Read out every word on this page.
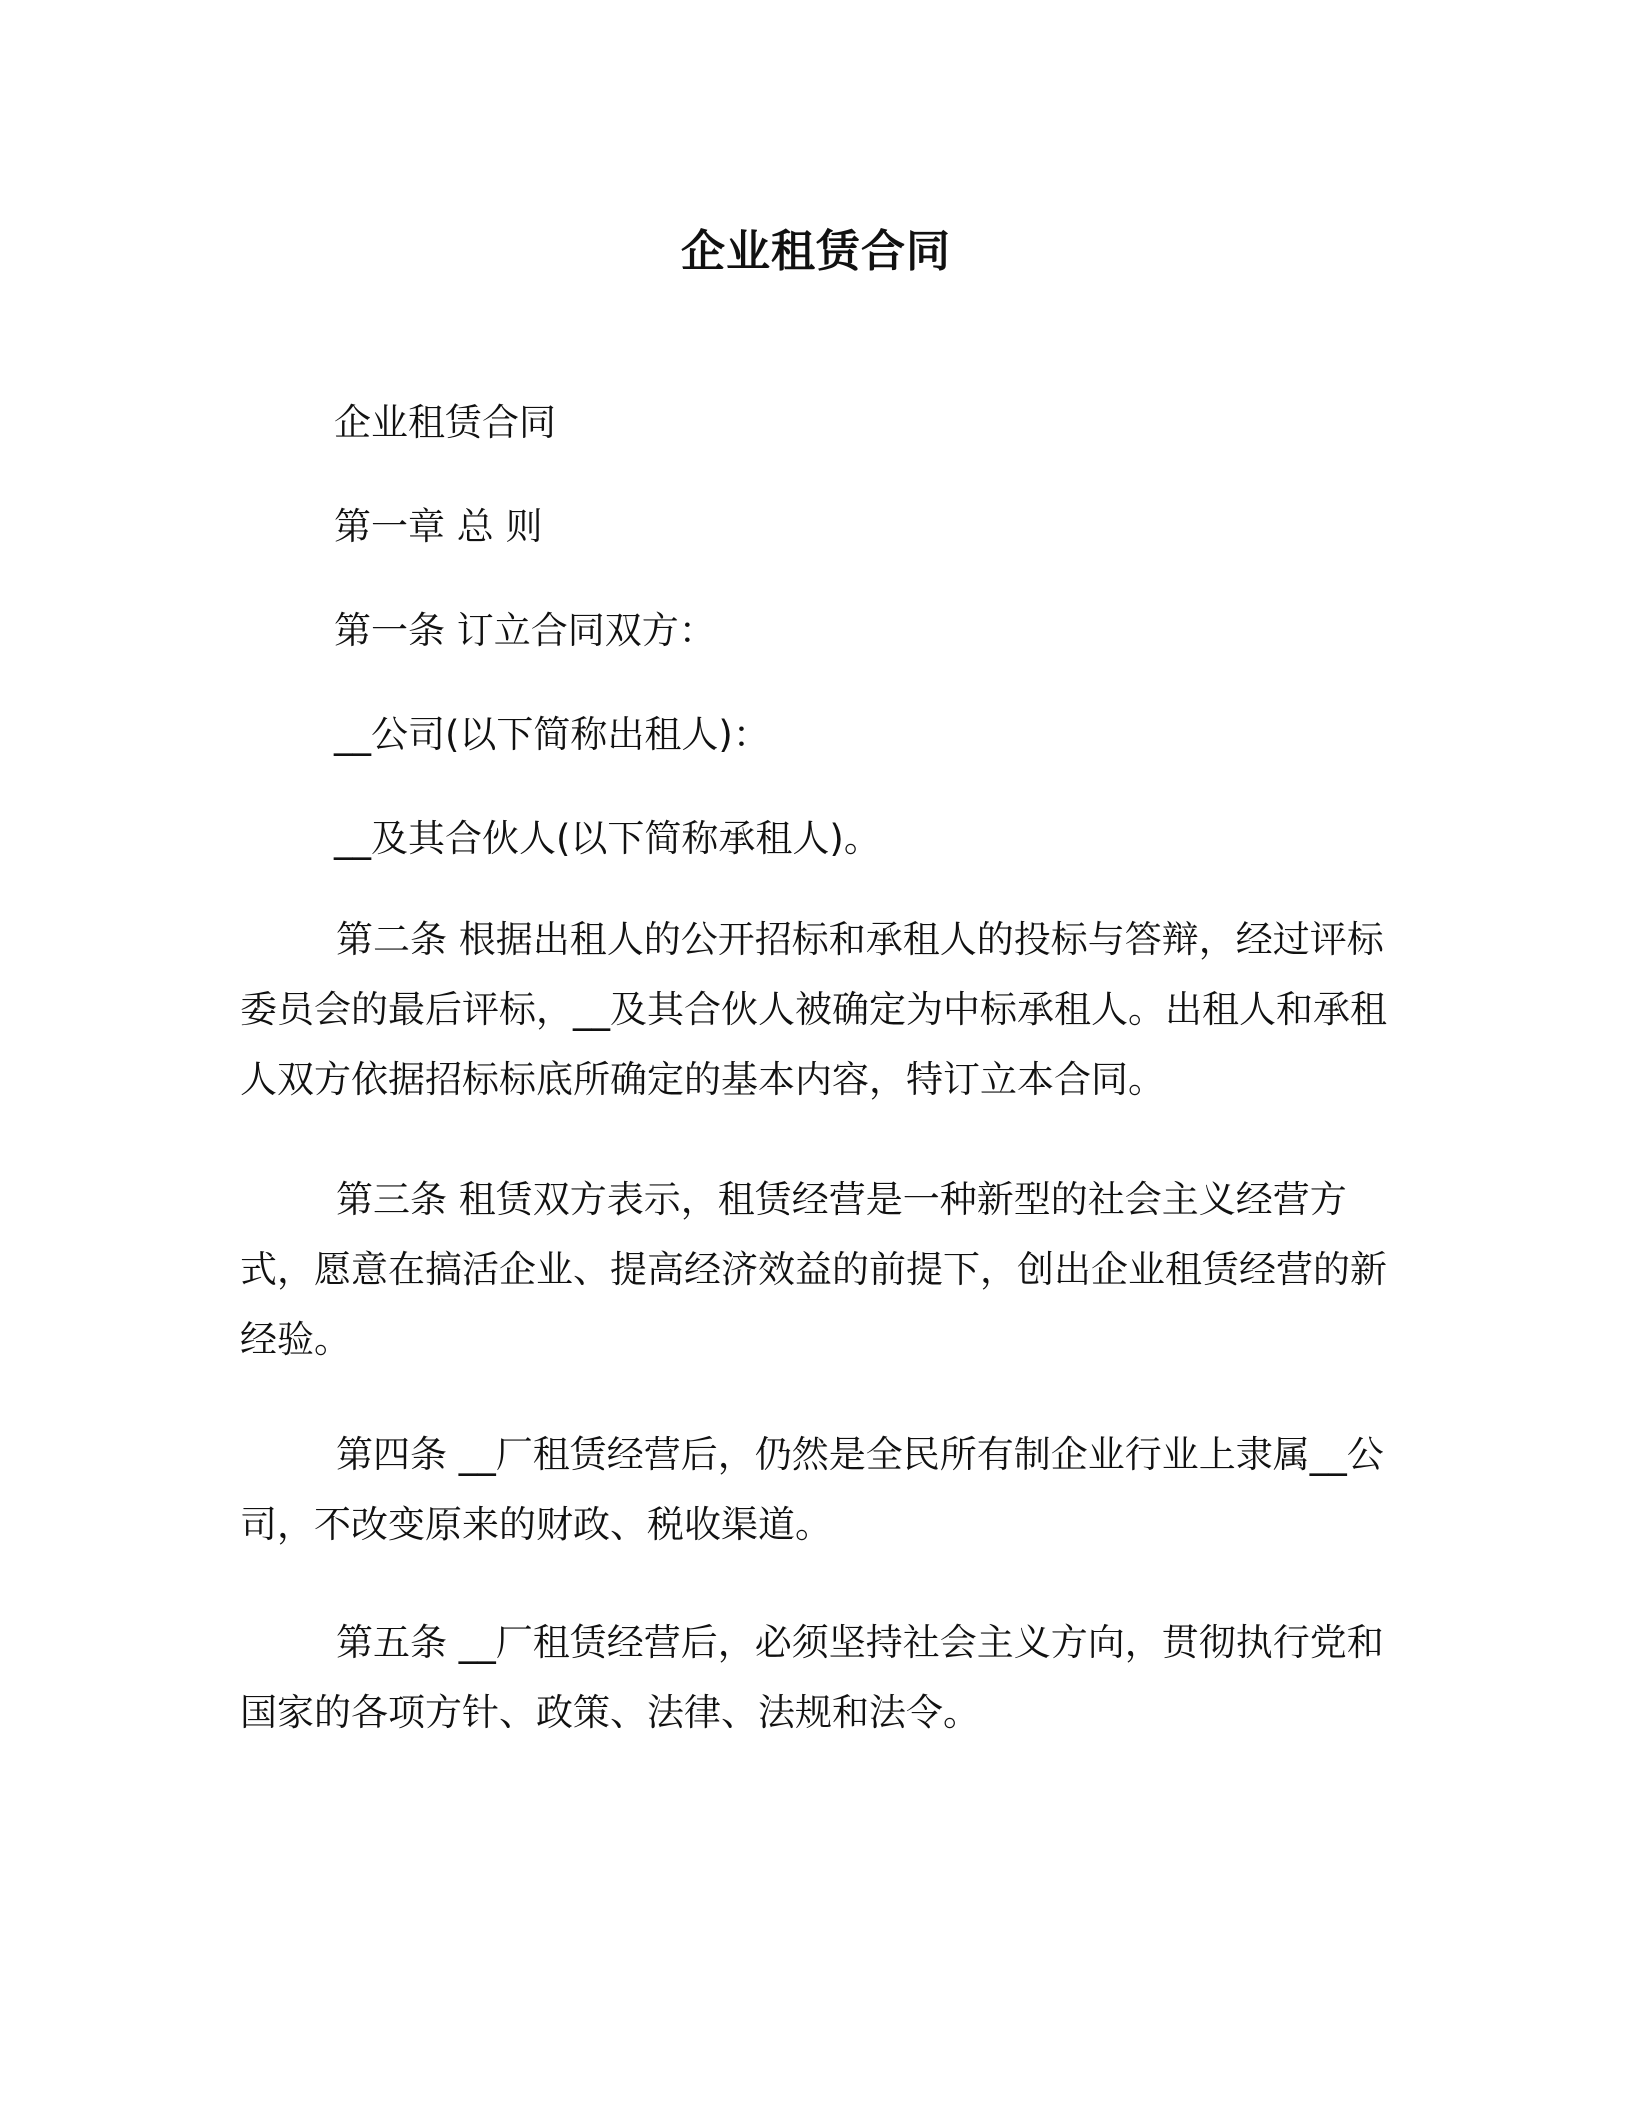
企业租赁合同

企业租赁合同

第一章 总 则

第一条 订立合同双方：

__公司(以下简称出租人)：

__及其合伙人(以下简称承租人)。

第二条 根据出租人的公开招标和承租人的投标与答辩，经过评标委员会的最后评标，__及其合伙人被确定为中标承租人。出租人和承租人双方依据招标标底所确定的基本内容，特订立本合同。

第三条 租赁双方表示，租赁经营是一种新型的社会主义经营方式，愿意在搞活企业、提高经济效益的前提下，创出企业租赁经营的新经验。

第四条 __厂租赁经营后，仍然是全民所有制企业行业上隶属__公司，不改变原来的财政、税收渠道。

第五条 __厂租赁经营后，必须坚持社会主义方向，贯彻执行党和国家的各项方针、政策、法律、法规和法令。
